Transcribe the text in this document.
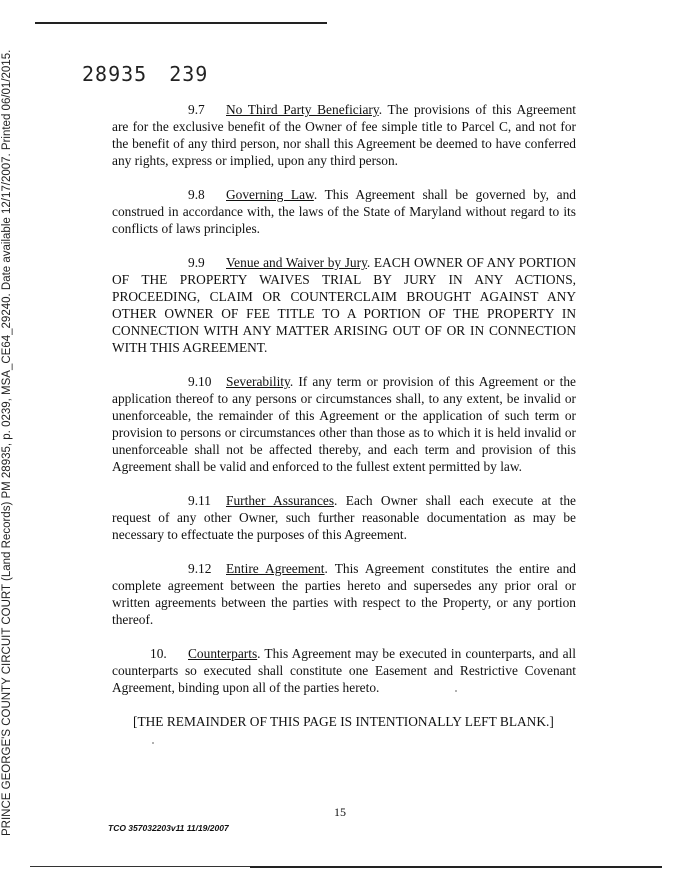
28935 239
PRINCE GEORGE'S COUNTY CIRCUIT COURT (Land Records) PM 28935, p. 0239, MSA_CE64_29240. Date available 12/17/2007. Printed 06/01/2015.	9.7 No Third Party Beneficiary. The provisions of this Agreement are for the exclusive benefit of the Owner of fee simple title to Parcel C, and not for the benefit of any third person, nor shall this Agreement be deemed to have conferred any rights, express or implied, upon any third person.

9.8 Governing Law. This Agreement shall be governed by, and construed in accordance with, the laws of the State of Maryland without regard to its conflicts of laws principles.

9.9 Venue and Waiver by Jury. EACH OWNER OF ANY PORTION OF THE PROPERTY WAIVES TRIAL BY JURY IN ANY ACTIONS, PROCEEDING, CLAIM OR COUNTERCLAIM BROUGHT AGAINST ANY OTHER OWNER OF FEE TITLE TO A PORTION OF THE PROPERTY IN CONNECTION WITH ANY MATTER ARISING OUT OF OR IN CONNECTION WITH THIS AGREEMENT.

9.10 Severability. If any term or provision of this Agreement or the application thereof to any persons or circumstances shall, to any extent, be invalid or unenforceable, the remainder of this Agreement or the application of such term or provision to persons or circumstances other than those as to which it is held invalid or unenforceable shall not be affected thereby, and each term and provision of this Agreement shall be valid and enforced to the fullest extent permitted by law.

9.11 Further Assurances. Each Owner shall each execute at the request of any other Owner, such further reasonable documentation as may be necessary to effectuate the purposes of this Agreement.

9.12 Entire Agreement. This Agreement constitutes the entire and complete agreement between the parties hereto and supersedes any prior oral or written agreements between the parties with respect to the Property, or any portion thereof.

10. Counterparts. This Agreement may be executed in counterparts, and all counterparts so executed shall constitute one Easement and Restrictive Covenant Agreement, binding upon all of the parties hereto.

[THE REMAINDER OF THIS PAGE IS INTENTIONALLY LEFT BLANK.]
15
TCO 357032203v11 11/19/2007
